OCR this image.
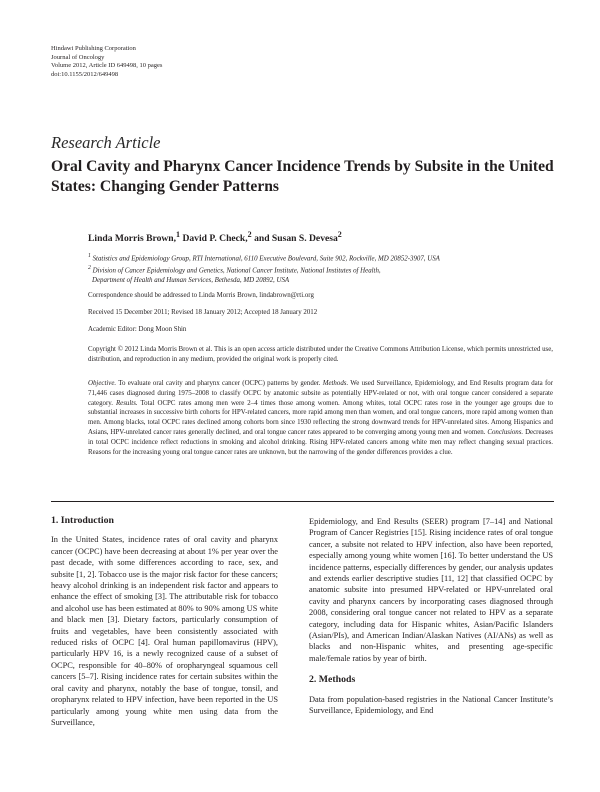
Hindawi Publishing Corporation
Journal of Oncology
Volume 2012, Article ID 649498, 10 pages
doi:10.1155/2012/649498
Research Article
Oral Cavity and Pharynx Cancer Incidence Trends by Subsite in the United States: Changing Gender Patterns
Linda Morris Brown,$^1$ David P. Check,$^2$ and Susan S. Devesa$^2$
$^1$ Statistics and Epidemiology Group, RTI International, 6110 Executive Boulevard, Suite 902, Rockville, MD 20852-3907, USA
$^2$ Division of Cancer Epidemiology and Genetics, National Cancer Institute, National Institutes of Health,
Department of Health and Human Services, Bethesda, MD 20892, USA
Correspondence should be addressed to Linda Morris Brown, lindabrown@rti.org
Received 15 December 2011; Revised 18 January 2012; Accepted 18 January 2012
Academic Editor: Dong Moon Shin
Copyright © 2012 Linda Morris Brown et al. This is an open access article distributed under the Creative Commons Attribution License, which permits unrestricted use, distribution, and reproduction in any medium, provided the original work is properly cited.
Objective. To evaluate oral cavity and pharynx cancer (OCPC) patterns by gender. Methods. We used Surveillance, Epidemiology, and End Results program data for 71,446 cases diagnosed during 1975–2008 to classify OCPC by anatomic subsite as potentially HPV-related or not, with oral tongue cancer considered a separate category. Results. Total OCPC rates among men were 2–4 times those among women. Among whites, total OCPC rates rose in the younger age groups due to substantial increases in successive birth cohorts for HPV-related cancers, more rapid among men than women, and oral tongue cancers, more rapid among women than men. Among blacks, total OCPC rates declined among cohorts born since 1930 reflecting the strong downward trends for HPV-unrelated sites. Among Hispanics and Asians, HPV-unrelated cancer rates generally declined, and oral tongue cancer rates appeared to be converging among young men and women. Conclusions. Decreases in total OCPC incidence reflect reductions in smoking and alcohol drinking. Rising HPV-related cancers among white men may reflect changing sexual practices. Reasons for the increasing young oral tongue cancer rates are unknown, but the narrowing of the gender differences provides a clue.
1. Introduction

In the United States, incidence rates of oral cavity and pharynx cancer (OCPC) have been decreasing at about 1% per year over the past decade, with some differences according to race, sex, and subsite [1, 2]. Tobacco use is the major risk factor for these cancers; heavy alcohol drinking is an independent risk factor and appears to enhance the effect of smoking [3]. The attributable risk for tobacco and alcohol use has been estimated at 80% to 90% among US white and black men [3]. Dietary factors, particularly consumption of fruits and vegetables, have been consistently associated with reduced risks of OCPC [4]. Oral human papillomavirus (HPV), particularly HPV 16, is a newly recognized cause of a subset of OCPC, responsible for 40–80% of oropharyngeal squamous cell cancers [5–7]. Rising incidence rates for certain subsites within the oral cavity and pharynx, notably the base of tongue, tonsil, and oropharynx related to HPV infection, have been reported in the US particularly among young white men using data from the Surveillance,

Epidemiology, and End Results (SEER) program [7–14] and National Program of Cancer Registries [15]. Rising incidence rates of oral tongue cancer, a subsite not related to HPV infection, also have been reported, especially among young white women [16]. To better understand the US incidence patterns, especially differences by gender, our analysis updates and extends earlier descriptive studies [11, 12] that classified OCPC by anatomic subsite into presumed HPV-related or HPV-unrelated oral cavity and pharynx cancers by incorporating cases diagnosed through 2008, considering oral tongue cancer not related to HPV as a separate category, including data for Hispanic whites, Asian/Pacific Islanders (Asian/PIs), and American Indian/Alaskan Natives (AI/ANs) as well as blacks and non-Hispanic whites, and presenting age-specific male/female ratios by year of birth.

2. Methods

Data from population-based registries in the National Cancer Institute’s Surveillance, Epidemiology, and End
